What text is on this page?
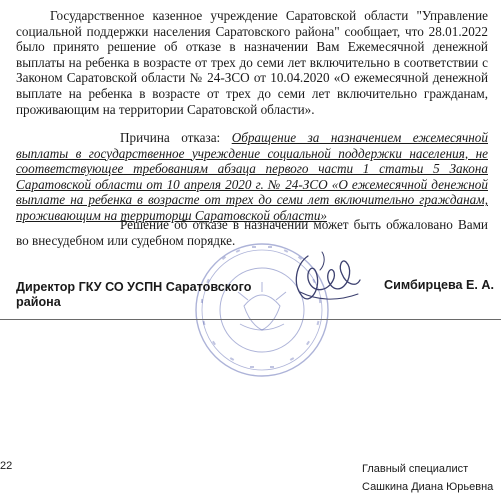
Государственное казенное учреждение Саратовской области "Управление социальной поддержки населения Саратовского района" сообщает, что 28.01.2022 было принято решение об отказе в назначении Вам Ежемесячной денежной выплаты на ребенка в возрасте от трех до семи лет включительно в соответствии с Законом Саратовской области № 24-ЗСО от 10.04.2020 «О ежемесячной денежной выплате на ребенка в возрасте от трех до семи лет включительно гражданам, проживающим на территории Саратовской области».

Причина отказа: Обращение за назначением ежемесячной выплаты в государственное учреждение социальной поддержки населения, не соответствующее требованиям абзаца первого части 1 статьи 5 Закона Саратовской области от 10 апреля 2020 г. № 24-ЗСО «О ежемесячной денежной выплате на ребенка в возрасте от трех до семи лет включительно гражданам, проживающим на территории Саратовской области»

Решение об отказе в назначении может быть обжаловано Вами во внесудебном или судебном порядке.

Директор ГКУ СО УСПН Саратовского района
Симбирцева Е. А.
22	Главный специалист
Сашкина Диана Юрьевна
